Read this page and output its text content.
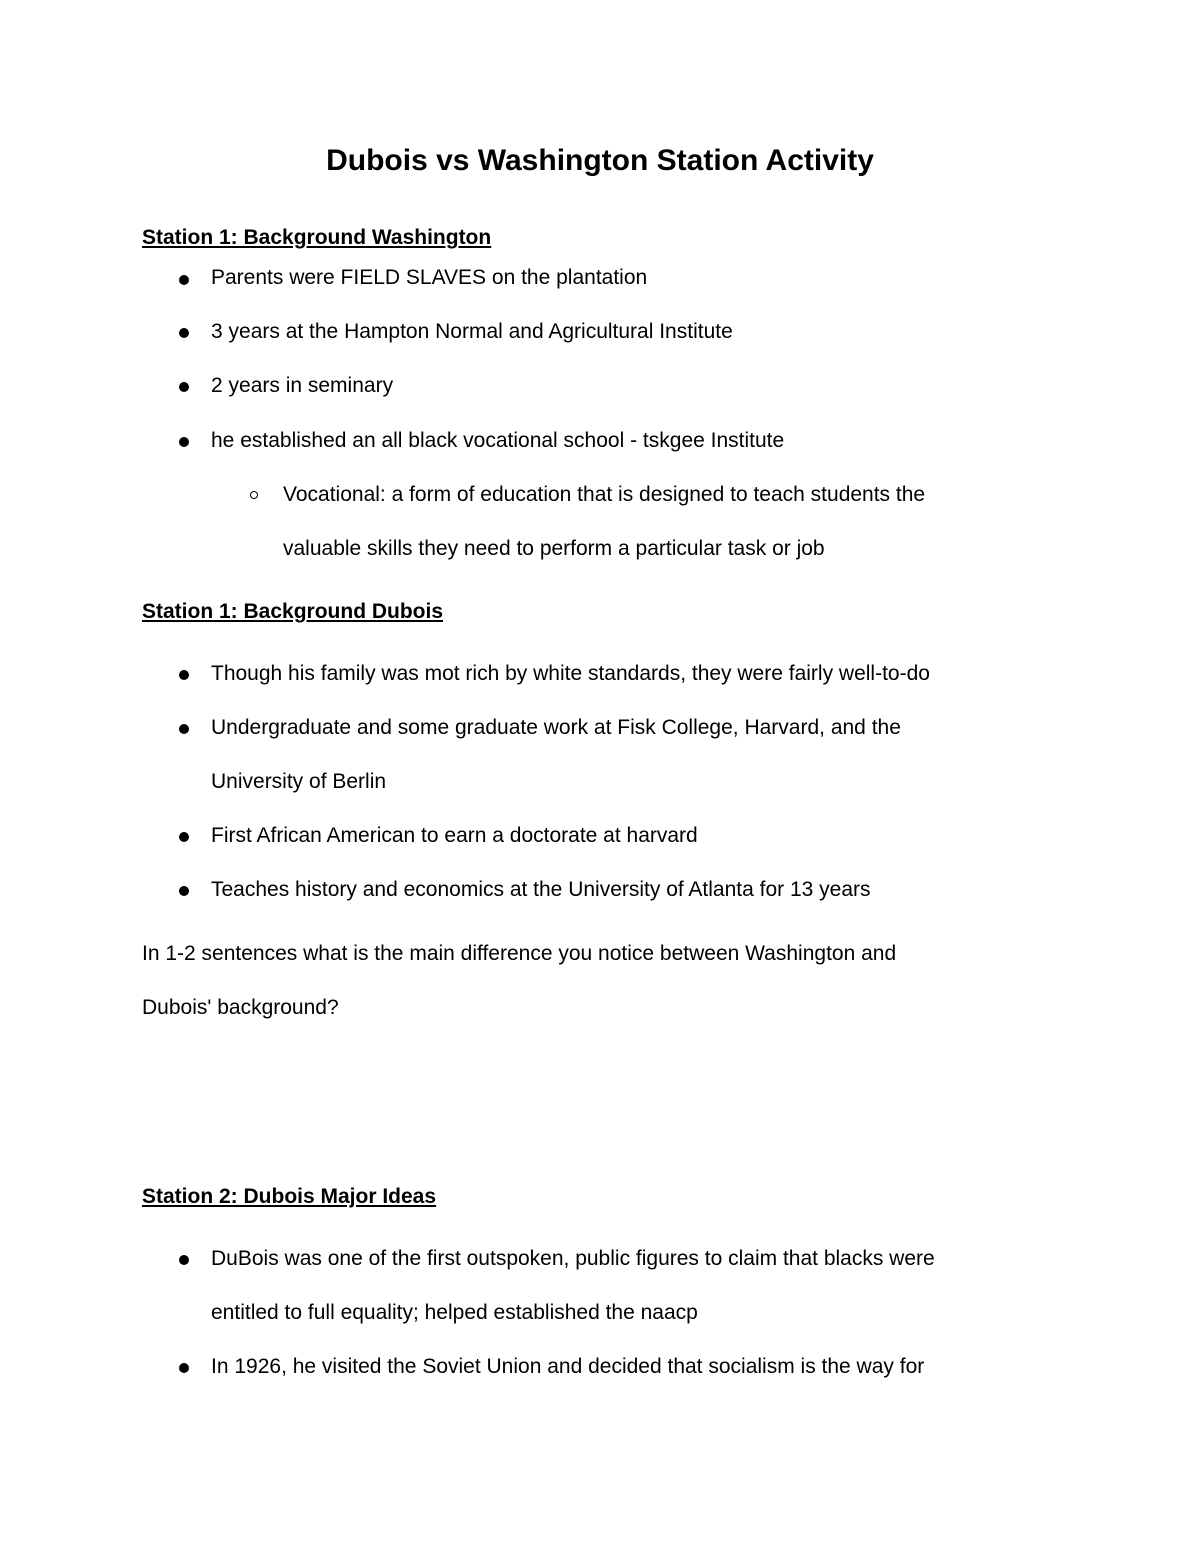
Dubois vs Washington Station Activity
Station 1: Background Washington
Parents were FIELD SLAVES on the plantation
3 years at the Hampton Normal and Agricultural Institute
2 years in seminary
he established an all black vocational school - tskgee Institute
Vocational: a form of education that is designed to teach students the
valuable skills they need to perform a particular task or job
Station 1: Background Dubois
Though his family was mot rich by white standards, they were fairly well-to-do
Undergraduate and some graduate work at Fisk College, Harvard, and the
University of Berlin
First African American to earn a doctorate at harvard
Teaches history and economics at the University of Atlanta for 13 years
In 1-2 sentences what is the main difference you notice between Washington and
Dubois' background?
Station 2: Dubois Major Ideas
DuBois was one of the first outspoken, public figures to claim that blacks were
entitled to full equality; helped established the naacp
In 1926, he visited the Soviet Union and decided that socialism is the way for
